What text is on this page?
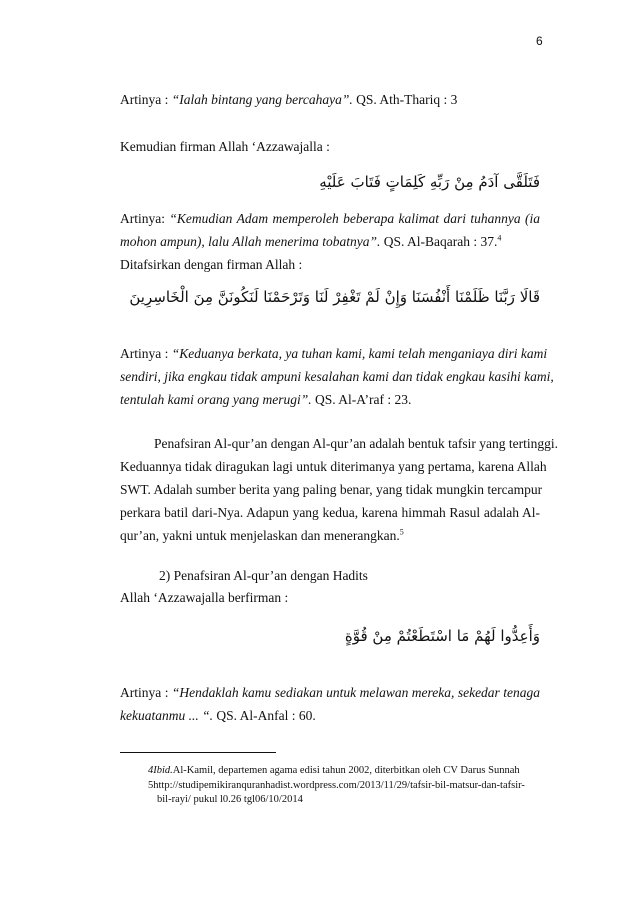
6
Artinya : “Ialah bintang yang bercahaya”. QS. Ath-Thariq : 3
Kemudian firman Allah ‘Azzawajalla :
فَتَلَقَّى آدَمُ مِنْ رَبِّهِ كَلِمَاتٍ فَتَابَ عَلَيْهِ
Artinya: “Kemudian Adam memperoleh beberapa kalimat dari tuhannya (ia
mohon ampun), lalu Allah menerima tobatnya”. QS. Al-Baqarah : 37.$^4$
Ditafsirkan dengan firman Allah :
قَالَا رَبَّنَا ظَلَمْنَا أَنْفُسَنَا وَإِنْ لَمْ تَغْفِرْ لَنَا وَتَرْحَمْنَا لَنَكُونَنَّ مِنَ الْخَاسِرِينَ
Artinya : “Keduanya berkata, ya tuhan kami, kami telah menganiaya diri kami
sendiri, jika engkau tidak ampuni kesalahan kami dan tidak engkau kasihi kami,
tentulah kami orang yang merugi”. QS. Al-A’raf : 23.
Penafsiran Al-qur’an dengan Al-qur’an adalah bentuk tafsir yang tertinggi.
Keduannya tidak diragukan lagi untuk diterimanya yang pertama, karena Allah
SWT. Adalah sumber berita yang paling benar, yang tidak mungkin tercampur
perkara batil dari-Nya. Adapun yang kedua, karena himmah Rasul adalah Al-
qur’an, yakni untuk menjelaskan dan menerangkan.$^5$
2) Penafsiran Al-qur’an dengan Hadits
Allah ‘Azzawajalla berfirman :
وَأَعِدُّوا لَهُمْ مَا اسْتَطَعْتُمْ مِنْ قُوَّةٍ
Artinya : “Hendaklah kamu sediakan untuk melawan mereka, sekedar tenaga
kekuatanmu ... “. QS. Al-Anfal : 60.
4Ibid.Al-Kamil, departemen agama edisi tahun 2002, diterbitkan oleh CV Darus Sunnah
5http://studipemikiranquranhadist.wordpress.com/2013/11/29/tafsir-bil-matsur-dan-tafsir-
bil-rayi/ pukul l0.26 tgl06/10/2014
